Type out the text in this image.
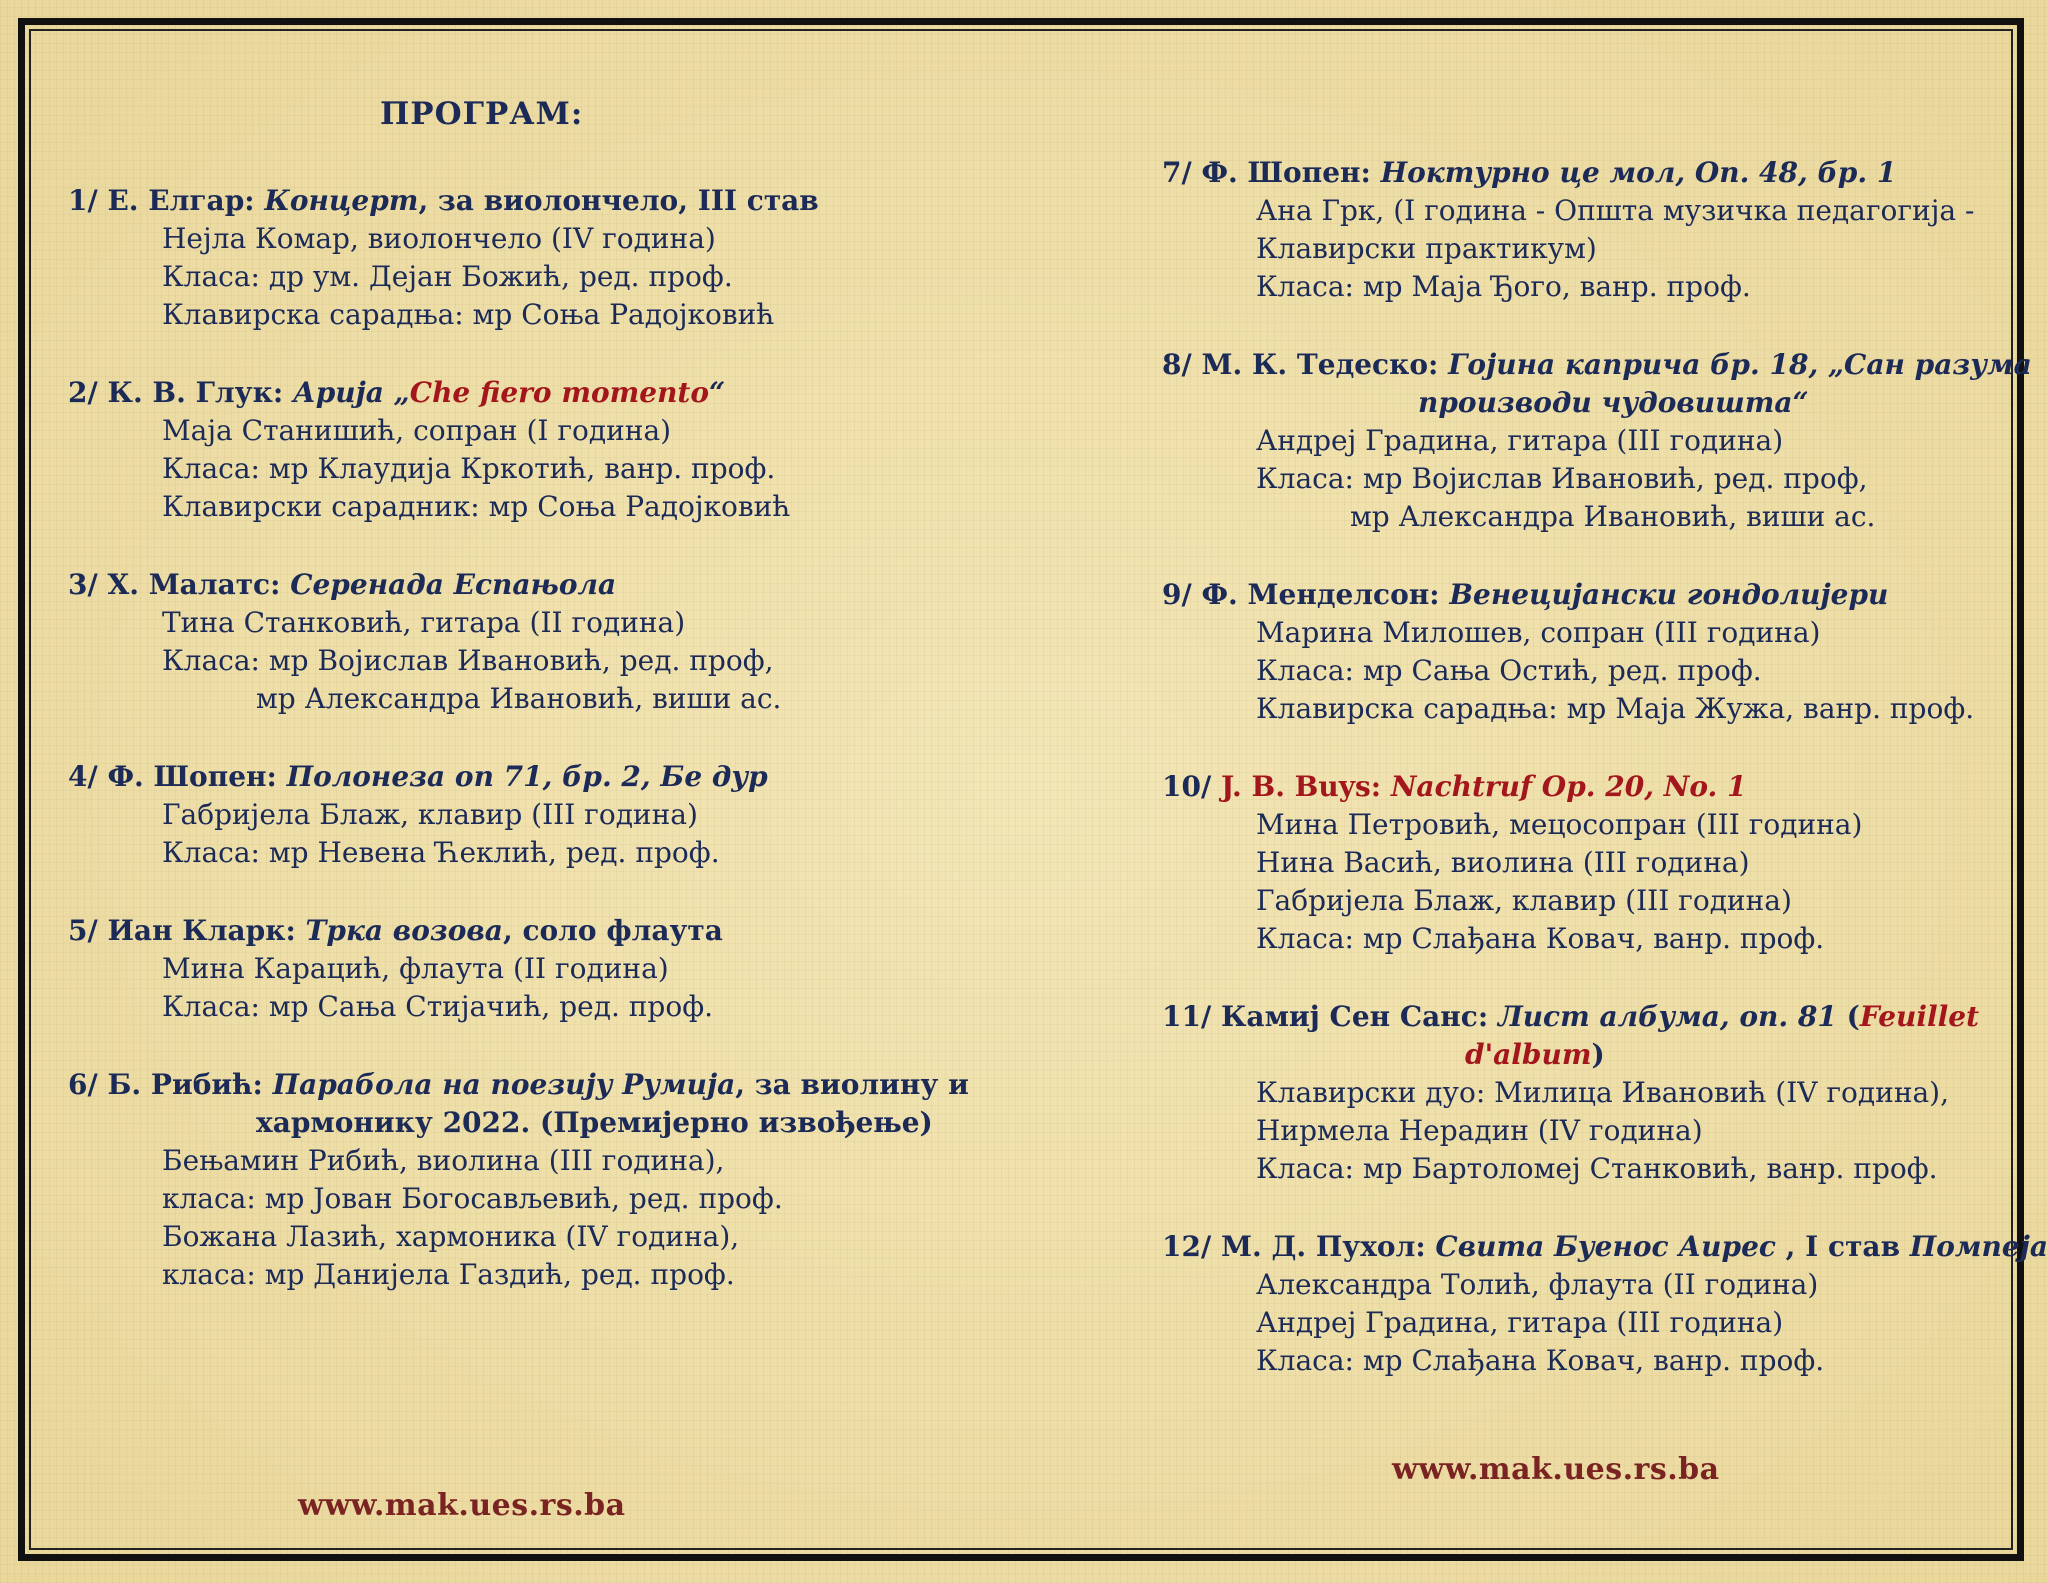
ПРОГРАМ:
1/ Е. Елгар: Концерт, за виолончело, III став
Нејла Комар, виолончело (IV година)
Класа: др ум. Дејан Божић, ред. проф.
Клавирска сарадња: мр Соња Радојковић
2/ К. В. Глук: Арија „Che fiero momento“
Маја Станишић, сопран (I година)
Класа: мр Клаудија Кркотић, ванр. проф.
Клавирски сарадник: мр Соња Радојковић
3/ Х. Малатс: Серенада Еспањола
Тина Станковић, гитара (II година)
Класа: мр Војислав Ивановић, ред. проф,
мр Александра Ивановић, виши ас.
4/ Ф. Шопен: Полонеза оп 71, бр. 2, Бе дур
Габријела Блаж, клавир (III година)
Класа: мр Невена Ћеклић, ред. проф.
5/ Иан Кларк: Трка возова, соло флаута
Мина Карацић, флаута (II година)
Класа: мр Сања Стијачић, ред. проф.
6/ Б. Рибић: Парабола на поезију Румија, за виолину и
хармонику 2022. (Премијерно извођење)
Бењамин Рибић, виолина (III година),
класа: мр Јован Богосављевић, ред. проф.
Божана Лазић, хармоника (IV година),
класа: мр Данијела Газдић, ред. проф.
7/ Ф. Шопен: Ноктурно це мол, Оп. 48, бр. 1
Ана Грк, (I година - Општа музичка педагогија -
Клавирски практикум)
Класа: мр Маја Ђого, ванр. проф.
8/ М. К. Тедеско: Гојина каприча бр. 18, „Сан разума
производи чудовишта“
Андреј Градина, гитара (III година)
Класа: мр Војислав Ивановић, ред. проф,
мр Александра Ивановић, виши ас.
9/ Ф. Менделсон: Венецијански гондолијери
Марина Милошев, сопран (III година)
Класа: мр Сања Остић, ред. проф.
Клавирска сарадња: мр Маја Жужа, ванр. проф.
10/ J. B. Buys: Nachtruf Op. 20, No. 1
Мина Петровић, мецосопран (III година)
Нина Васић, виолина (III година)
Габријела Блаж, клавир (III година)
Класа: мр Слађана Ковач, ванр. проф.
11/ Камиј Сен Санс: Лист албума, оп. 81 (Feuillet
d'album)
Клавирски дуо: Милица Ивановић (IV година),
Нирмела Нерадин (IV година)
Класа: мр Бартоломеј Станковић, ванр. проф.
12/ М. Д. Пухол: Свита Буенос Аирес , I став Помпеја
Александра Толић, флаута (II година)
Андреј Градина, гитара (III година)
Класа: мр Слађана Ковач, ванр. проф.
www.mak.ues.rs.ba
www.mak.ues.rs.ba
